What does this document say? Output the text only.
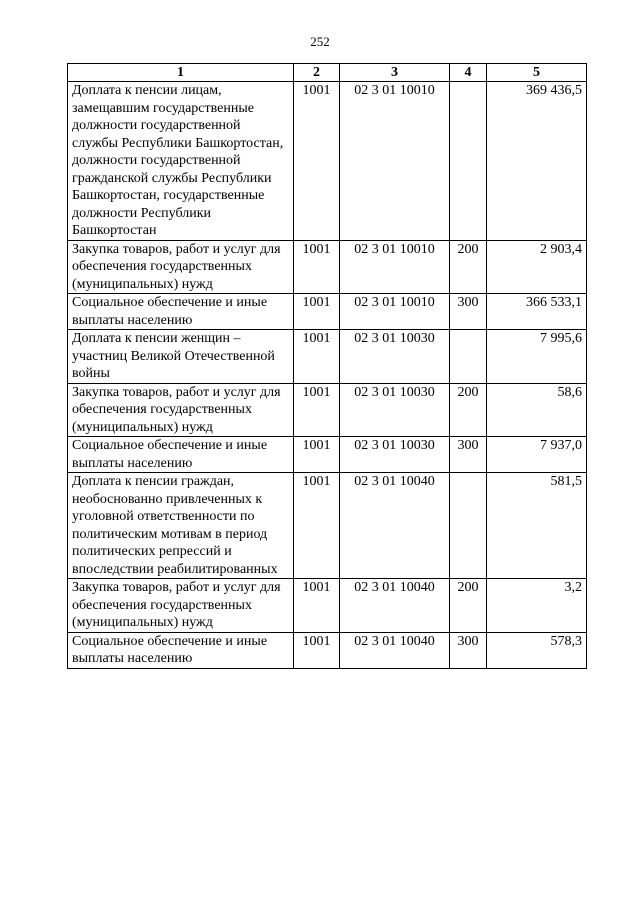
252
1	2	3	4	5
Доплата к пенсии лицам, замещавшим государственные должности государственной службы Республики Башкортостан, должности государственной гражданской службы Республики Башкортостан, государственные должности Республики Башкортостан	1001	02 3 01 10010		369 436,5
Закупка товаров, работ и услуг для обеспечения государственных (муниципальных) нужд	1001	02 3 01 10010	200	2 903,4
Социальное обеспечение и иные выплаты населению	1001	02 3 01 10010	300	366 533,1
Доплата к пенсии женщин – участниц Великой Отечественной войны	1001	02 3 01 10030		7 995,6
Закупка товаров, работ и услуг для обеспечения государственных (муниципальных) нужд	1001	02 3 01 10030	200	58,6
Социальное обеспечение и иные выплаты населению	1001	02 3 01 10030	300	7 937,0
Доплата к пенсии граждан, необоснованно привлеченных к уголовной ответственности по политическим мотивам в период политических репрессий и впоследствии реабилитированных	1001	02 3 01 10040		581,5
Закупка товаров, работ и услуг для обеспечения государственных (муниципальных) нужд	1001	02 3 01 10040	200	3,2
Социальное обеспечение и иные выплаты населению	1001	02 3 01 10040	300	578,3
